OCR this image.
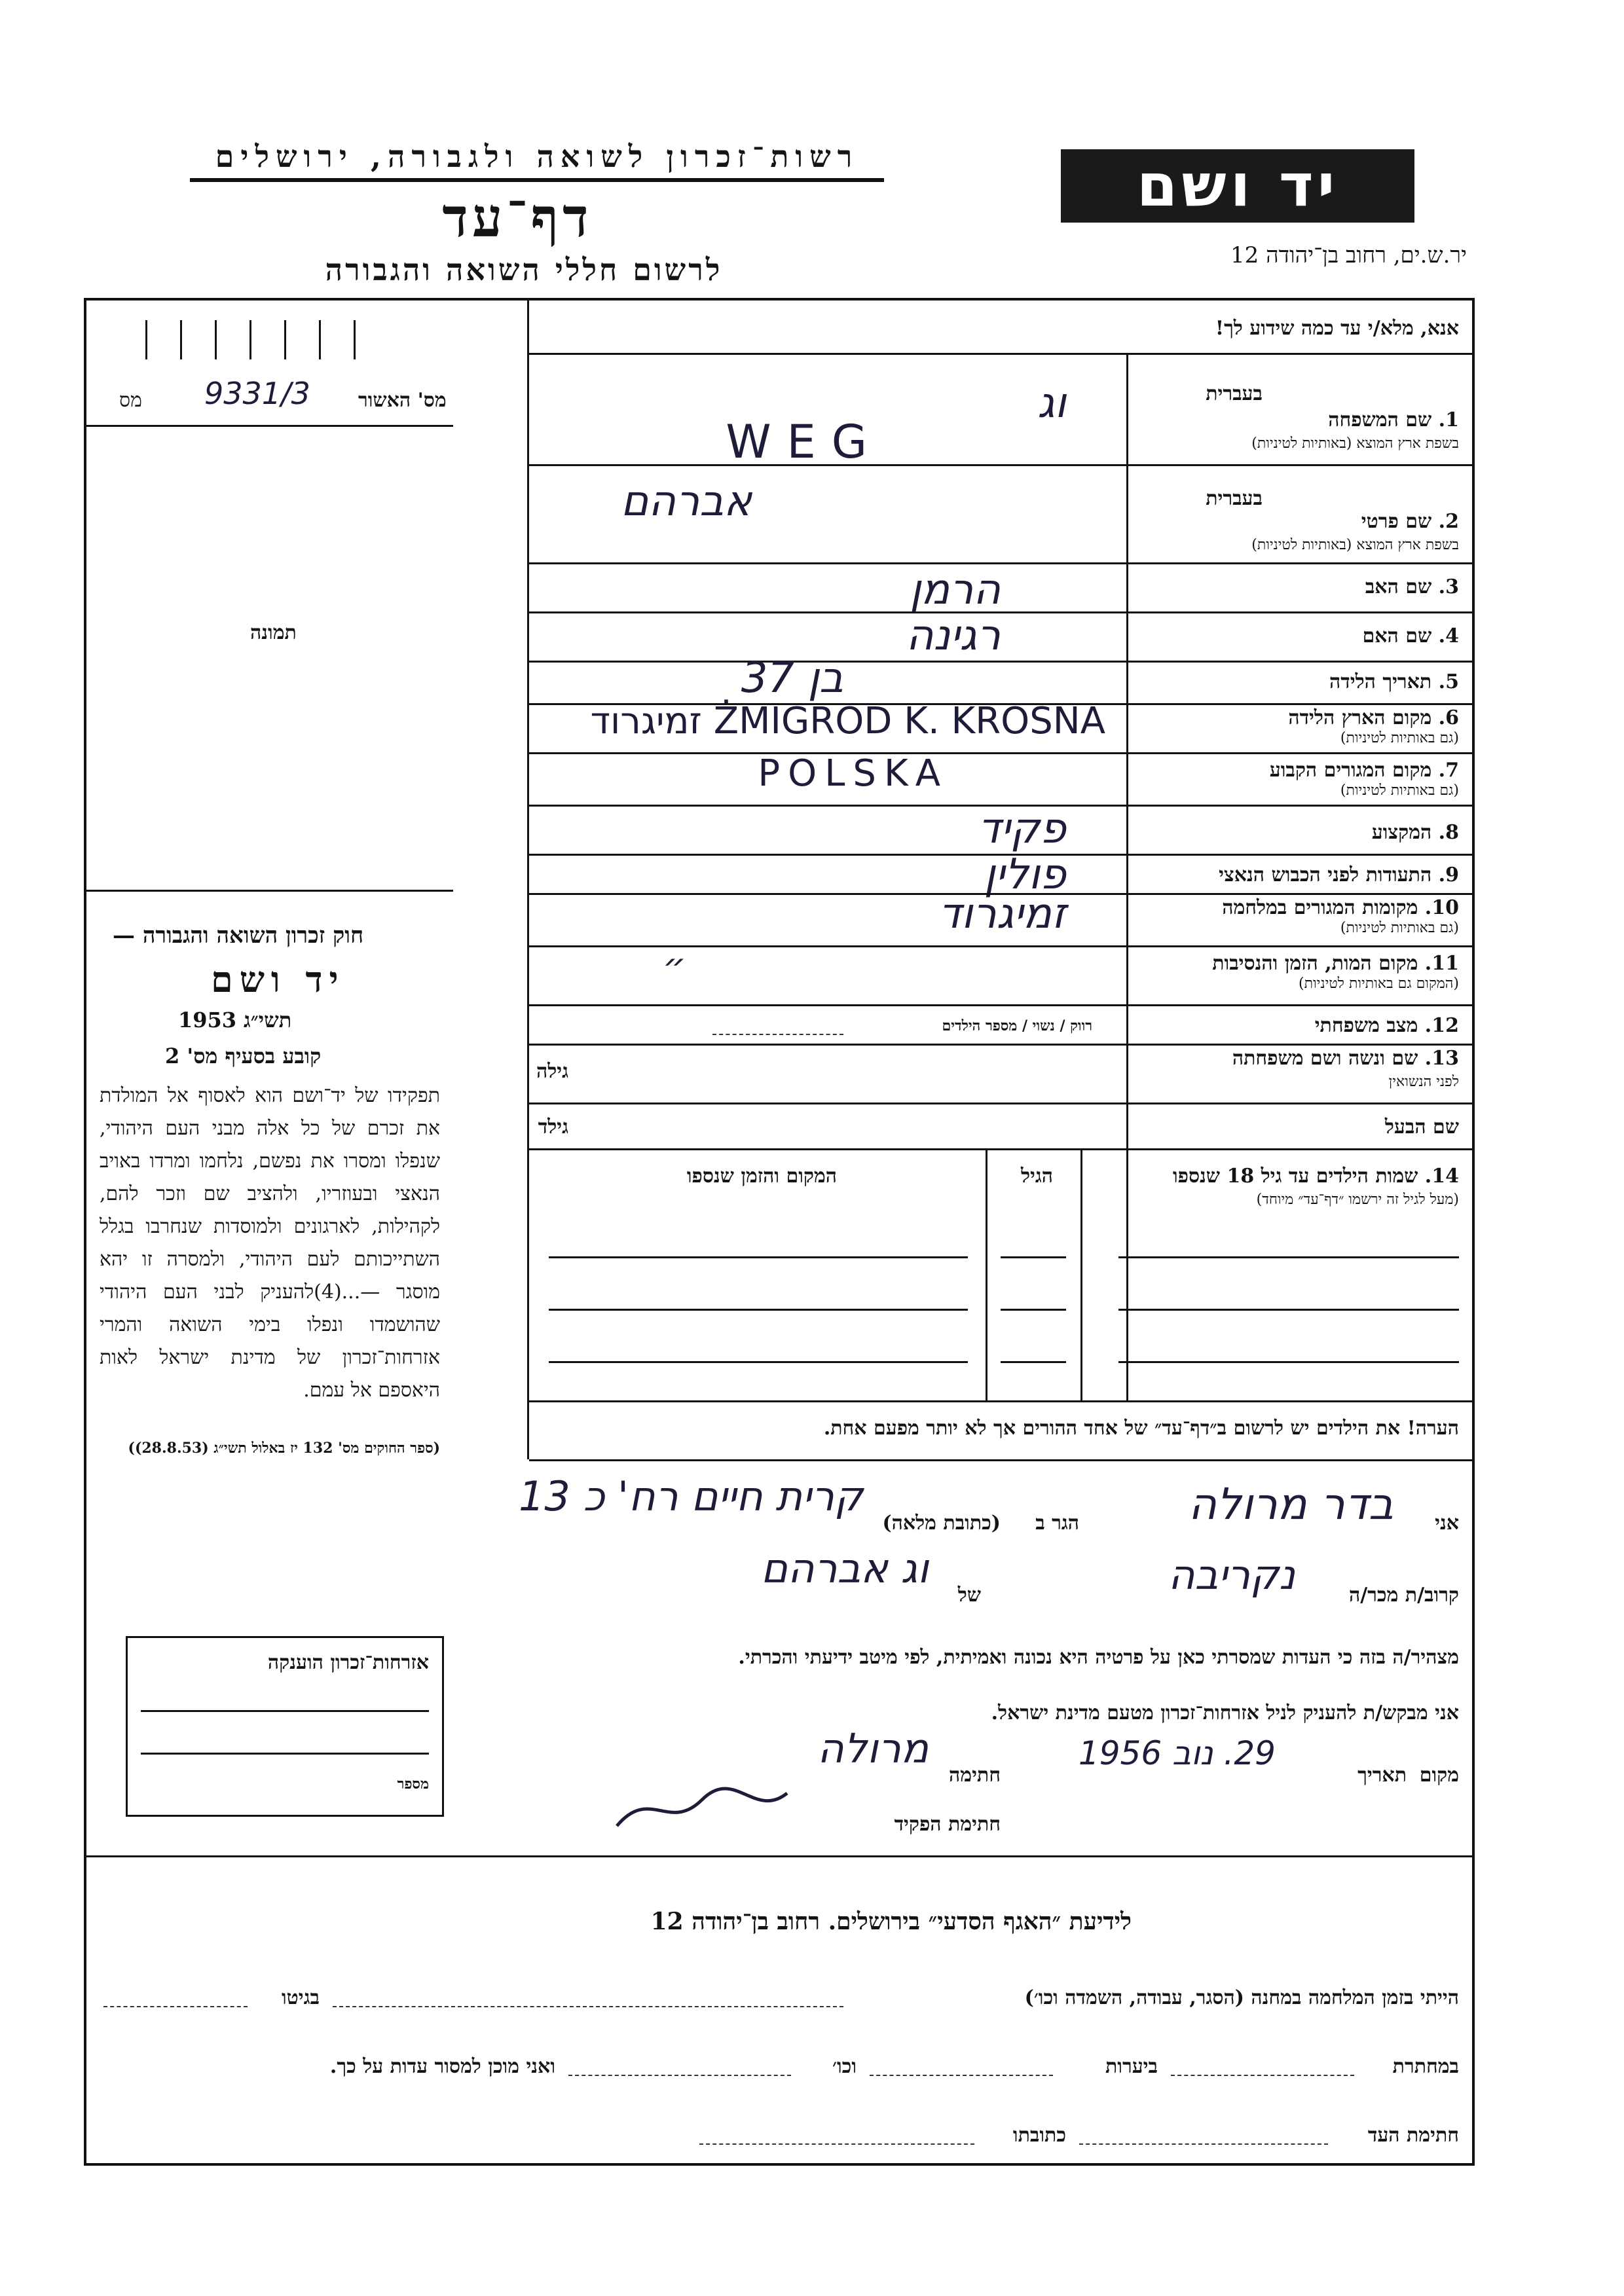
רשות־זכרון לשואה ולגבורה, ירושלים
דף־עד
לרשום חללי השואה והגבורה
יד ושם
יר.ש.ים, רחוב בן־יהודה 12
מס' האשור
9331/3
מס
תמונה
חוק זכרון השואה והגבורה —
יד ושם
תשי״ג
1953
קובע בסעיף מס' 2
תפקידו של יד־ושם הוא לאסוף אל המולדת את זכרם של כל אלה מבני העם היהודי, שנפלו ומסרו את נפשם, נלחמו ומרדו באויב הנאצי ובעוזריו, ולהציב שם וזכר להם, לקהילות, לארגונים ולמוסדות שנחרבו בגלל השתייכותם לעם היהודי, ולמסרה זו יהא מוסגר —...(4)להעניק לבני העם היהודי שהושמדו ונפלו בימי השואה והמרי אזרחות־זכרון של מדינת ישראל לאות היאספם אל עמם.
(ספר החוקים מס' 132 יז באלול תשי״ג (28.8.53))
אנא, מלא/י עד כמה שידוע לך!
בעברית
1. שם המשפחה
בשפת ארץ המוצא (באותיות לטיניות)
וג
WEG
בעברית
2. שם פרטי
בשפת ארץ המוצא (באותיות לטיניות)
אברהם
3. שם האב
הרמן
4. שם האם
רגינה
5. תאריך הלידה
בן 37
6. מקום הארץ הלידה
(גם באותיות לטיניות)
ŻMIGROD K. KROSNA זמיגרוד
7. מקום המגורים הקבוע
(גם באותיות לטיניות)
POLSKA
8. המקצוע
פקיד
9. התעודות לפני הכבוש הנאצי
פולין
10. מקומות המגורים במלחמה
(גם באותיות לטיניות)
זמיגרוד
11. מקום המות, הזמן והנסיבות
(המקום גם באותיות לטיניות)
״
12. מצב משפחתי
רווק / נשוי / מספר הילדים
13. שם ונשה ושם משפחתה
לפני הנשואין
גילה
שם הבעל
גילד
14. שמות הילדים עד גיל 18 שנספו
(מעל לגיל זה ירשמו ״דף־עד״ מיוחד)
הגיל
המקום והזמן שנספו
הערה! את הילדים יש לרשום ב״דף־עד״ של אחד ההורים אך לא יותר מפעם אחת.
אני
בדר מרולה
הגר ב
(כתובת מלאה)
קרית חיים רח' כ 13
קרוב/ת מכר/ה
נקריבה
של
וג אברהם
מצהיר/ה בזה כי העדות שמסרתי כאן על פרטיה היא נכונה ואמיתית, לפי מיטב ידיעתי והכרתי.
אני מבקש/ת להעניק לניל אזרחות־זכרון מטעם מדינת ישראל.
מקום
תאריך
29. נוב 1956
חתימה
מרולה
חתימת הפקיד
אזרחות־זכרון הוענקה
מספר
לידיעת ״האגף הסדעי״ בירושלים. רחוב בן־יהודה 12
הייתי בזמן המלחמה במחנה (הסגר, עבודה, השמדה וכו׳)
בגיטו
במחתרת
ביערות
וכו׳
ואני מוכן למסור עדות על כך.
חתימת העד
כתובתו
